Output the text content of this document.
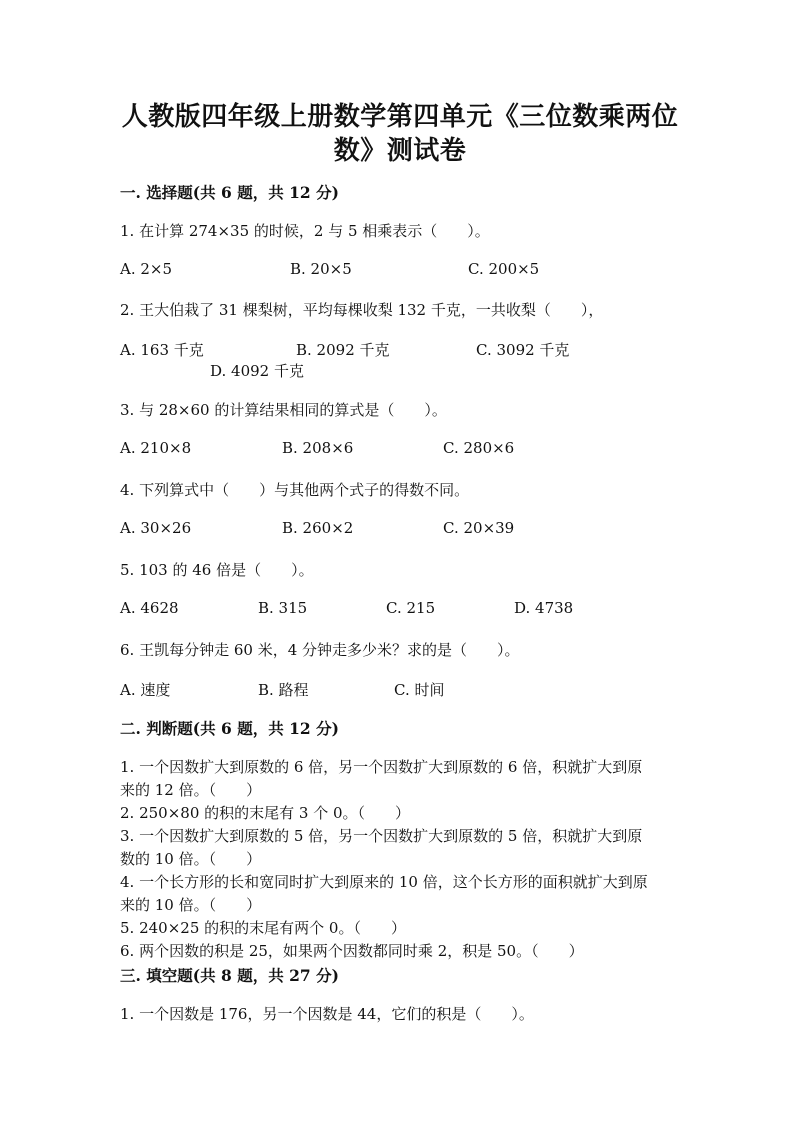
人教版四年级上册数学第四单元《三位数乘两位
数》测试卷

一. 选择题(共 6 题，共 12 分)

1. 在计算 274×35 的时候，2 与 5 相乘表示（　　）。
A. 2×5	B. 20×5	C. 200×5
2. 王大伯栽了 31 棵梨树，平均每棵收梨 132 千克，一共收梨（　　），
A. 163 千克	B. 2092 千克	C. 3092 千克
D. 4092 千克
3. 与 28×60 的计算结果相同的算式是（　　）。
A. 210×8	B. 208×6	C. 280×6
4. 下列算式中（　　）与其他两个式子的得数不同。
A. 30×26	B. 260×2	C. 20×39
5. 103 的 46 倍是（　　）。
A. 4628	B. 315	C. 215	D. 4738
6. 王凯每分钟走 60 米，4 分钟走多少米？求的是（　　）。
A. 速度	B. 路程	C. 时间

二. 判断题(共 6 题，共 12 分)

1. 一个因数扩大到原数的 6 倍，另一个因数扩大到原数的 6 倍，积就扩大到原
来的 12 倍。（　　）
2. 250×80 的积的末尾有 3 个 0。（　　）
3. 一个因数扩大到原数的 5 倍，另一个因数扩大到原数的 5 倍，积就扩大到原
数的 10 倍。（　　）
4. 一个长方形的长和宽同时扩大到原来的 10 倍，这个长方形的面积就扩大到原
来的 10 倍。（　　）
5. 240×25 的积的末尾有两个 0。（　　）
6. 两个因数的积是 25，如果两个因数都同时乘 2，积是 50。（　　）

三. 填空题(共 8 题，共 27 分)

1. 一个因数是 176，另一个因数是 44，它们的积是（　　）。
